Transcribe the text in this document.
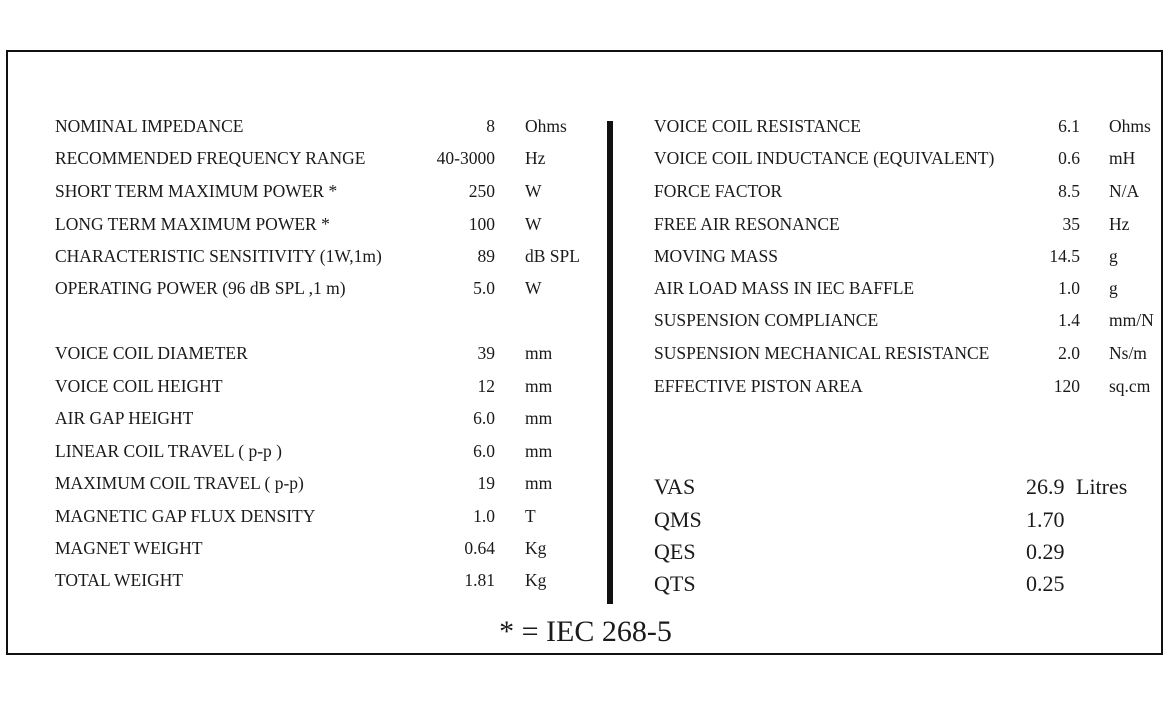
NOMINAL IMPEDANCE	8 Ohms
RECOMMENDED FREQUENCY RANGE	40-3000 Hz
SHORT TERM MAXIMUM POWER *	250 W
LONG TERM MAXIMUM POWER *	100 W
CHARACTERISTIC SENSITIVITY (1W,1m)	89 dB SPL
OPERATING POWER (96 dB SPL ,1 m)	5.0 W
VOICE COIL DIAMETER	39 mm
VOICE COIL HEIGHT	12 mm
AIR GAP HEIGHT	6.0 mm
LINEAR COIL TRAVEL ( p-p )	6.0 mm
MAXIMUM COIL TRAVEL ( p-p)	19 mm
MAGNETIC GAP FLUX DENSITY	1.0 T
MAGNET WEIGHT	0.64 Kg
TOTAL WEIGHT	1.81 Kg
VOICE COIL RESISTANCE	6.1 Ohms
VOICE COIL INDUCTANCE (EQUIVALENT)	0.6 mH
FORCE FACTOR	8.5 N/A
FREE AIR RESONANCE	35 Hz
MOVING MASS	14.5 g
AIR LOAD MASS IN IEC BAFFLE	1.0 g
SUSPENSION COMPLIANCE	1.4 mm/N
SUSPENSION MECHANICAL RESISTANCE	2.0 Ns/m
EFFECTIVE PISTON AREA	120 sq.cm
VAS	26.9 Litres
QMS	1.70
QES	0.29
QTS	0.25
* = IEC 268-5
